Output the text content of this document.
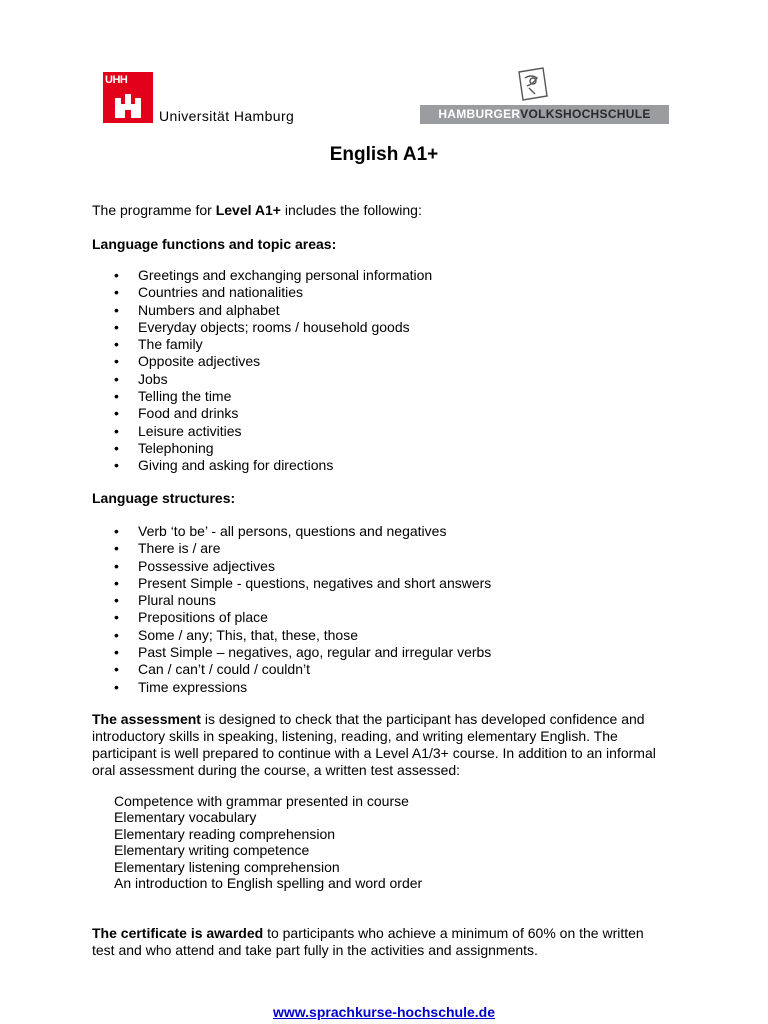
UHH
Universität Hamburg	HAMBURGERVOLKSHOCHSCHULE
English A1+
The programme for Level A1+ includes the following:
Language functions and topic areas:
• Greetings and exchanging personal information
• Countries and nationalities
• Numbers and alphabet
• Everyday objects; rooms / household goods
• The family
• Opposite adjectives
• Jobs
• Telling the time
• Food and drinks
• Leisure activities
• Telephoning
• Giving and asking for directions
Language structures:
• Verb ‘to be’ - all persons, questions and negatives
• There is / are
• Possessive adjectives
• Present Simple - questions, negatives and short answers
• Plural nouns
• Prepositions of place
• Some / any; This, that, these, those
• Past Simple – negatives, ago, regular and irregular verbs
• Can / can’t / could / couldn’t
• Time expressions
The assessment is designed to check that the participant has developed confidence and
introductory skills in speaking, listening, reading, and writing elementary English. The
participant is well prepared to continue with a Level A1/3+ course. In addition to an informal
oral assessment during the course, a written test assessed:
Competence with grammar presented in course
Elementary vocabulary
Elementary reading comprehension
Elementary writing competence
Elementary listening comprehension
An introduction to English spelling and word order
The certificate is awarded to participants who achieve a minimum of 60% on the written
test and who attend and take part fully in the activities and assignments.
www.sprachkurse-hochschule.de
